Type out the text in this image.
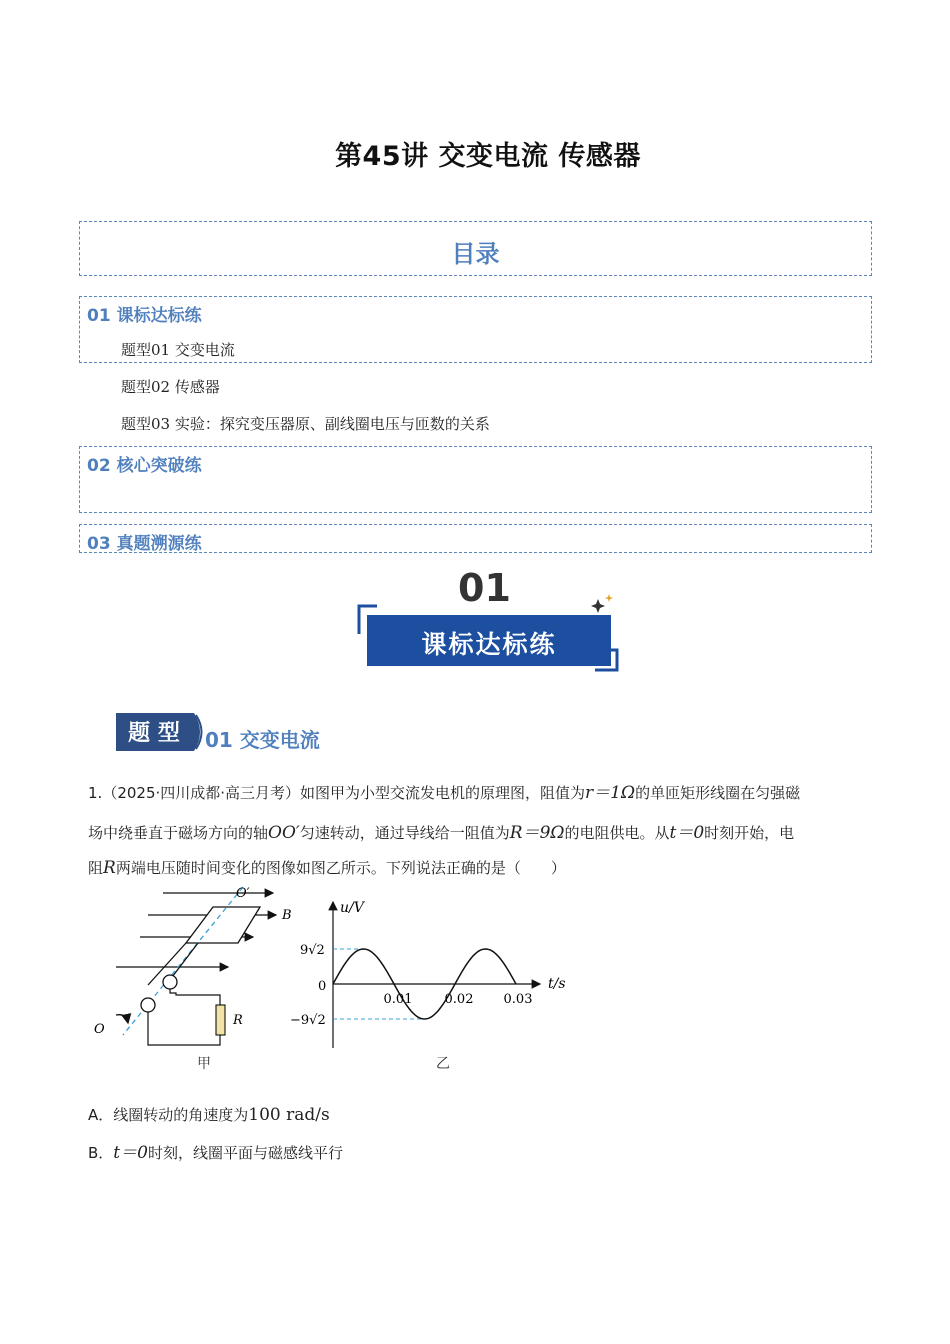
第45讲 交变电流 传感器
目录
01 课标达标练
题型01 交变电流
题型02 传感器
题型03 实验：探究变压器原、副线圈电压与匝数的关系
02 核心突破练
03 真题溯源练
01
课标达标练
题 型 01 交变电流
1.（2025·四川成都·高三月考）如图甲为小型交流发电机的原理图，阻值为r＝1Ω的单匝矩形线圈在匀强磁
场中绕垂直于磁场方向的轴OO′匀速转动，通过导线给一阻值为R＝9Ω的电阻供电。从t＝0时刻开始，电
阻R两端电压随时间变化的图像如图乙所示。下列说法正确的是（　　）
O′
B
R
O
甲
u/V
t/s
9√2
0
−9√2
0.01 0.02 0.03
乙
A．线圈转动的角速度为100 rad/s
B．t＝0时刻，线圈平面与磁感线平行
